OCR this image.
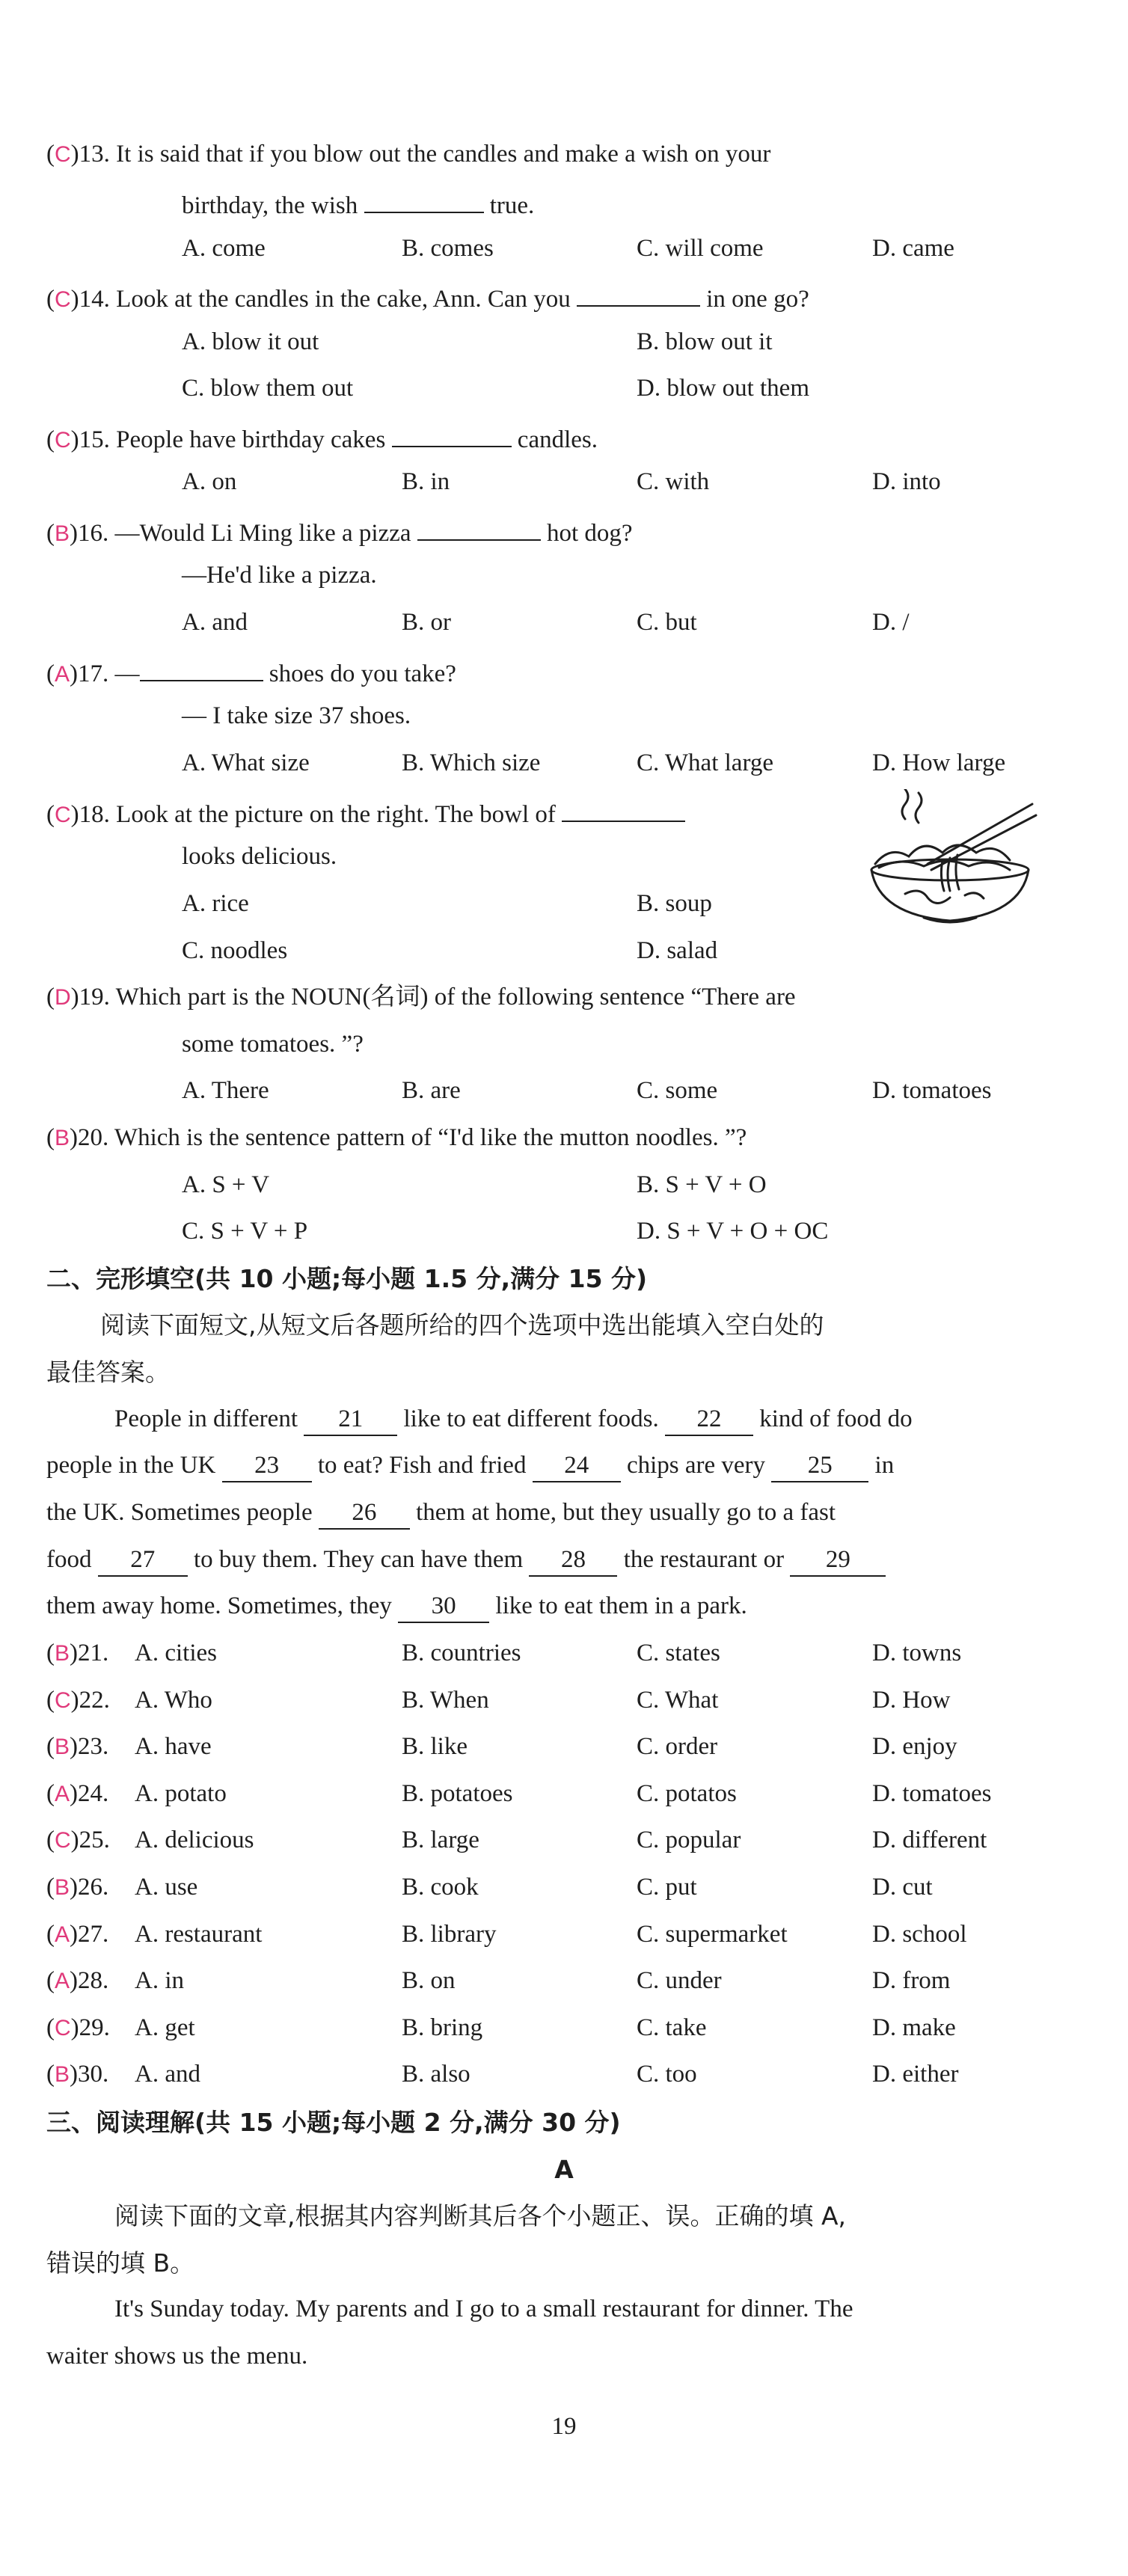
(C)13. It is said that if you blow out the candles and make a wish on your
birthday, the wish	true.
A. come	B. comes	C. will come	D. came
(C)14. Look at the candles in the cake, Ann. Can you	in one go?
A. blow it out	B. blow out it
C. blow them out	D. blow out them
(C)15. People have birthday cakes	candles.
A. on	B. in	C. with	D. into
(B)16. —Would Li Ming like a pizza	hot dog?
—He'd like a pizza.
A. and	B. or	C. but	D. /
(A)17. —	shoes do you take?
— I take size 37 shoes.
A. What size	B. Which size	C. What large	D. How large
(C)18. Look at the picture on the right. The bowl of
looks delicious.
A. rice	B. soup
C. noodles	D. salad
(D)19. Which part is the NOUN(名词) of the following sentence “There are
some tomatoes. ”?
A. There	B. are	C. some	D. tomatoes
(B)20. Which is the sentence pattern of “I'd like the mutton noodles. ”?
A. S + V	B. S + V + O
C. S + V + P	D. S + V + O + OC
二、完形填空(共 10 小题;每小题 1.5 分,满分 15 分)
阅读下面短文,从短文后各题所给的四个选项中选出能填入空白处的
最佳答案。
People in different 21 like to eat different foods. 22 kind of food do
people in the UK 23 to eat? Fish and fried 24 chips are very 25 in
the UK. Sometimes people 26 them at home, but they usually go to a fast
food 27 to buy them. They can have them 28 the restaurant or 29
them away home. Sometimes, they 30 like to eat them in a park.
(B)21. A. cities	B. countries	C. states	D. towns
(C)22. A. Who	B. When	C. What	D. How
(B)23. A. have	B. like	C. order	D. enjoy
(A)24. A. potato	B. potatoes	C. potatos	D. tomatoes
(C)25. A. delicious	B. large	C. popular	D. different
(B)26. A. use	B. cook	C. put	D. cut
(A)27. A. restaurant	B. library	C. supermarket	D. school
(A)28. A. in	B. on	C. under	D. from
(C)29. A. get	B. bring	C. take	D. make
(B)30. A. and	B. also	C. too	D. either
三、阅读理解(共 15 小题;每小题 2 分,满分 30 分)
A
阅读下面的文章,根据其内容判断其后各个小题正、误。正确的填 A,
错误的填 B。
It's Sunday today. My parents and I go to a small restaurant for dinner. The
waiter shows us the menu.
19
